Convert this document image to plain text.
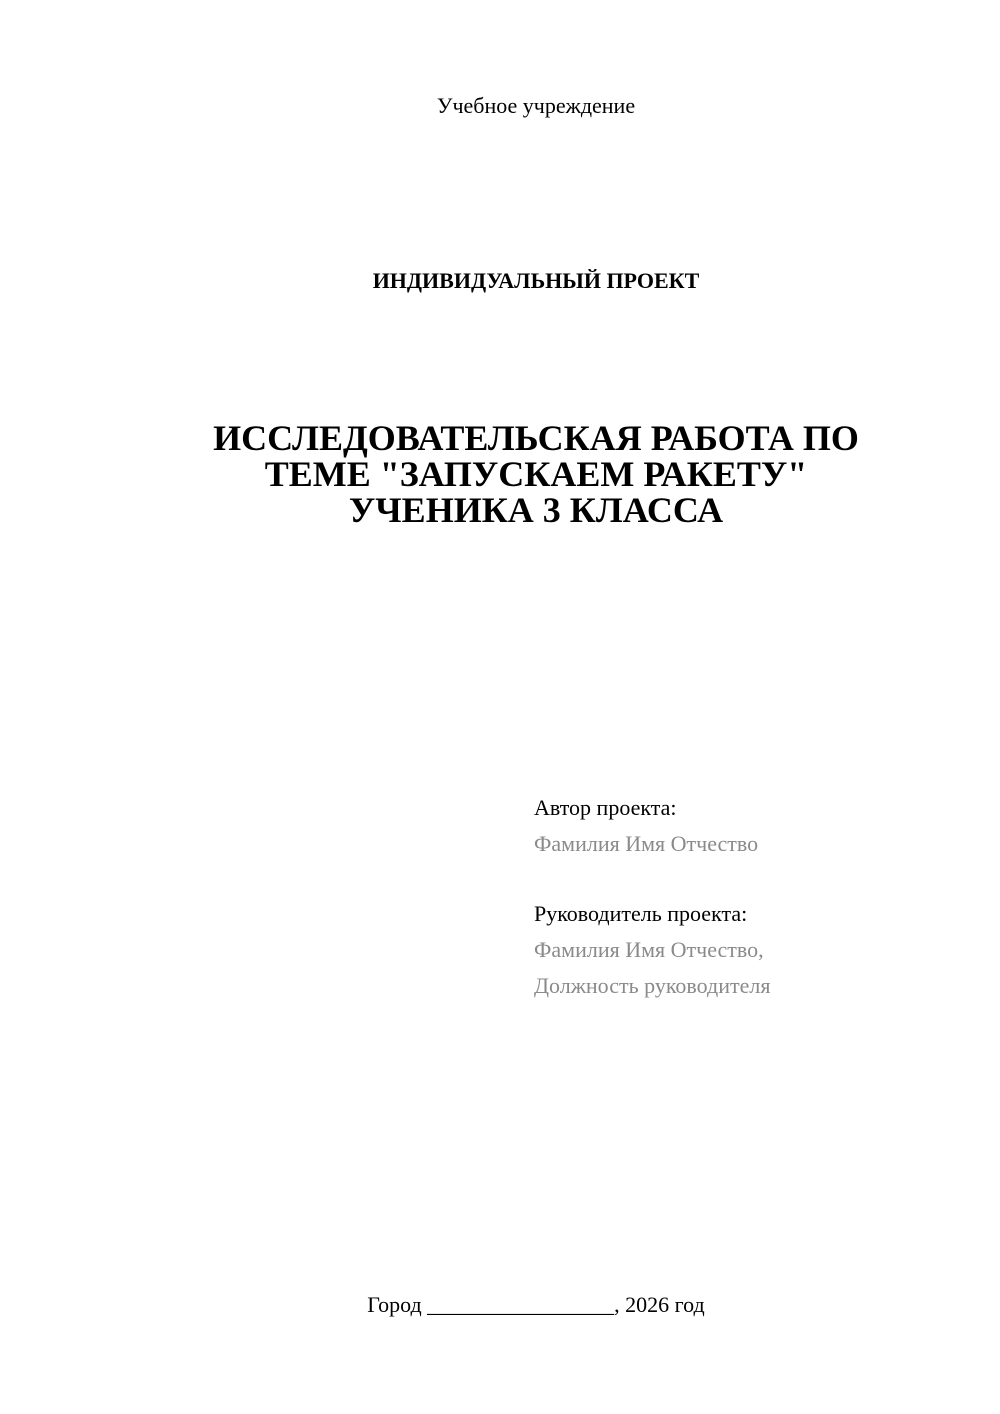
Учебное учреждение
ИНДИВИДУАЛЬНЫЙ ПРОЕКТ
ИССЛЕДОВАТЕЛЬСКАЯ РАБОТА ПО
ТЕМЕ "ЗАПУСКАЕМ РАКЕТУ"
УЧЕНИКА 3 КЛАССА
Автор проекта:
Фамилия Имя Отчество
Руководитель проекта:
Фамилия Имя Отчество,
Должность руководителя
Город _________________, 2026 год
